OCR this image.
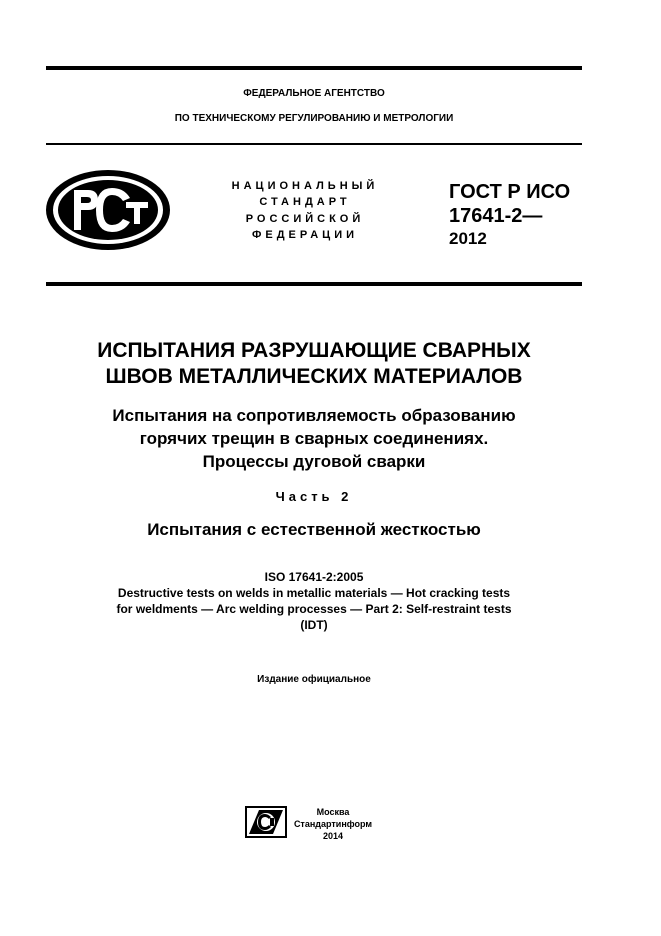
ФЕДЕРАЛЬНОЕ АГЕНТСТВО
ПО ТЕХНИЧЕСКОМУ РЕГУЛИРОВАНИЮ И МЕТРОЛОГИИ
НАЦИОНАЛЬНЫЙ
СТАНДАРТ
РОССИЙСКОЙ
ФЕДЕРАЦИИ
ГОСТ Р ИСО
17641-2—
2012
ИСПЫТАНИЯ РАЗРУШАЮЩИЕ СВАРНЫХ
ШВОВ МЕТАЛЛИЧЕСКИХ МАТЕРИАЛОВ
Испытания на сопротивляемость образованию
горячих трещин в сварных соединениях.
Процессы дуговой сварки
Часть 2
Испытания с естественной жесткостью
ISO 17641-2:2005
Destructive tests on welds in metallic materials — Hot cracking tests
for weldments — Arc welding processes — Part 2: Self-restraint tests
(IDT)
Издание официальное
Москва
Стандартинформ
2014
